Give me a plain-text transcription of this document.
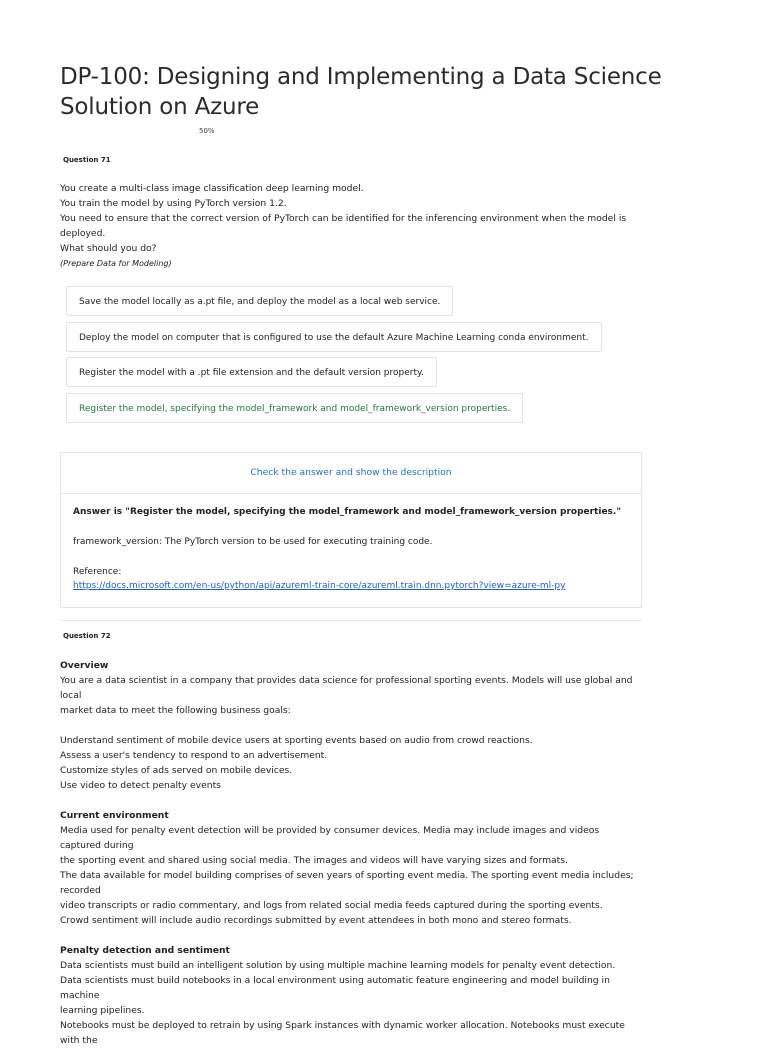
DP-100: Designing and Implementing a Data Science Solution on Azure
50%
Question 71

You create a multi-class image classification deep learning model.

You train the model by using PyTorch version 1.2.

You need to ensure that the correct version of PyTorch can be identified for the inferencing environment when the model is deployed.

What should you do?

(Prepare Data for Modeling)

Save the model locally as a.pt file, and deploy the model as a local web service.
Deploy the model on computer that is configured to use the default Azure Machine Learning conda environment.
Register the model with a .pt file extension and the default version property.
Register the model, specifying the model_framework and model_framework_version properties.
Check the answer and show the description
Answer is "Register the model, specifying the model_framework and model_framework_version properties."
framework_version: The PyTorch version to be used for executing training code.
Reference:
https://docs.microsoft.com/en-us/python/api/azureml-train-core/azureml.train.dnn.pytorch?view=azure-ml-py
Question 72

Overview

You are a data scientist in a company that provides data science for professional sporting events. Models will use global and local

market data to meet the following business goals:

Understand sentiment of mobile device users at sporting events based on audio from crowd reactions.

Assess a user's tendency to respond to an advertisement.

Customize styles of ads served on mobile devices.

Use video to detect penalty events

Current environment

Media used for penalty event detection will be provided by consumer devices. Media may include images and videos captured during

the sporting event and shared using social media. The images and videos will have varying sizes and formats.

The data available for model building comprises of seven years of sporting event media. The sporting event media includes; recorded

video transcripts or radio commentary, and logs from related social media feeds captured during the sporting events.

Crowd sentiment will include audio recordings submitted by event attendees in both mono and stereo formats.

Penalty detection and sentiment

Data scientists must build an intelligent solution by using multiple machine learning models for penalty event detection.

Data scientists must build notebooks in a local environment using automatic feature engineering and model building in machine

learning pipelines.

Notebooks must be deployed to retrain by using Spark instances with dynamic worker allocation. Notebooks must execute with the
